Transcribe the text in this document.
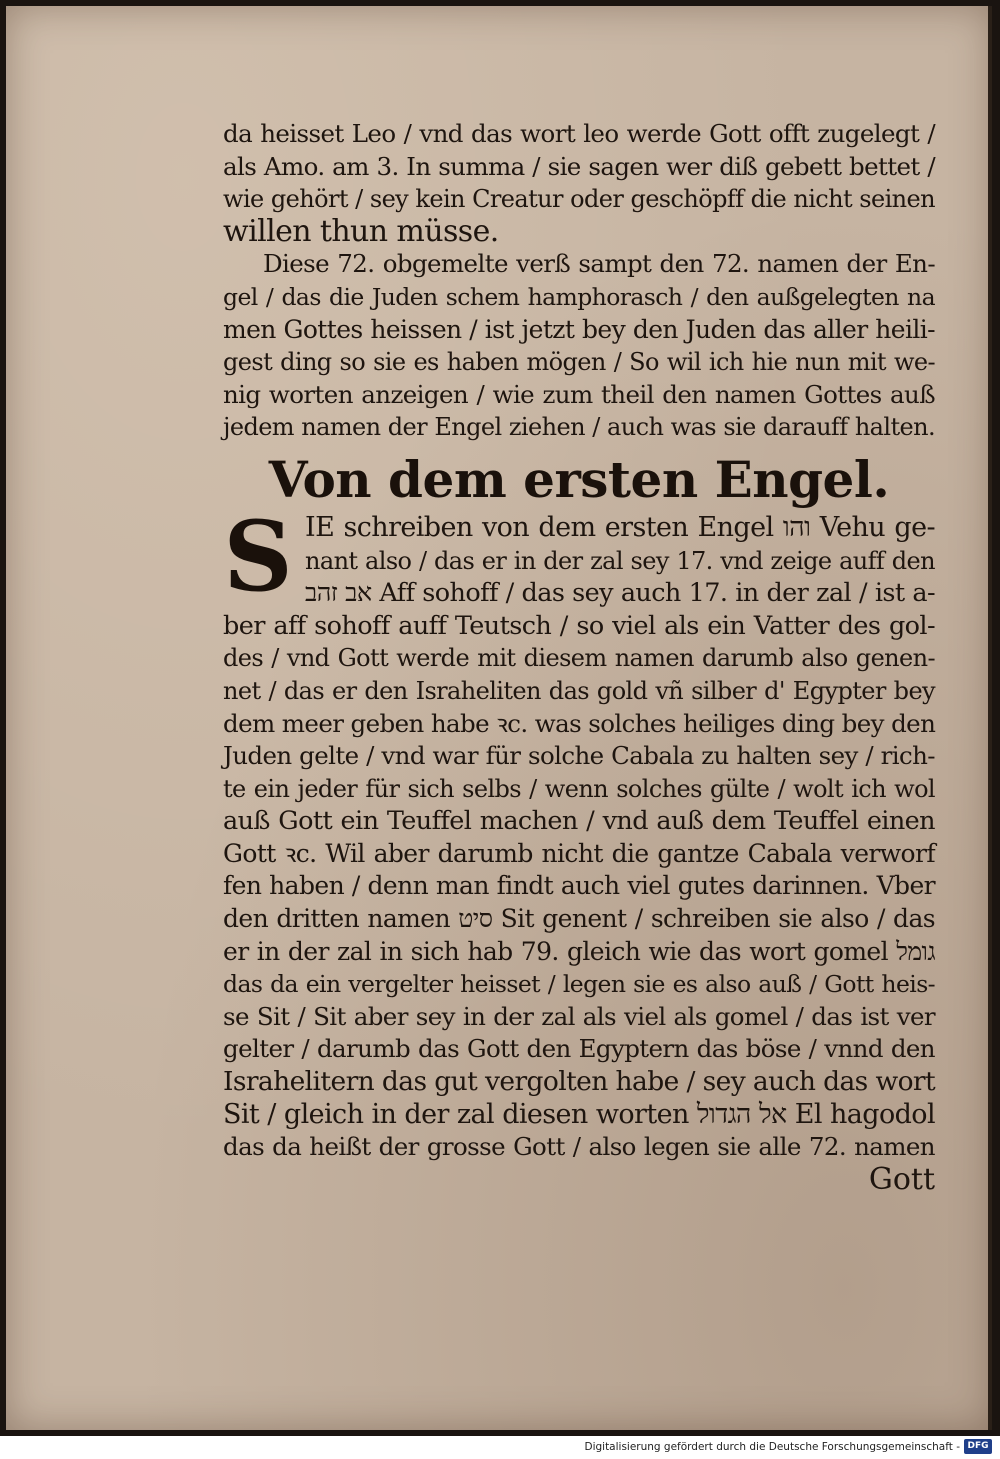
da heisset Leo / vnd das wort leo werde Gott offt zugelegt /
als Amo. am 3. In summa / sie sagen wer diß gebett bettet /
wie gehört / sey kein Creatur oder geschöpff die nicht seinen
willen thun müsse.
Diese 72. obgemelte verß sampt den 72. namen der En-
gel / das die Juden schem hamphorasch / den außgelegten na
men Gottes heissen / ist jetzt bey den Juden das aller heili-
gest ding so sie es haben mögen / So wil ich hie nun mit we-
nig worten anzeigen / wie zum theil den namen Gottes auß
jedem namen der Engel ziehen / auch was sie darauff halten.
Von dem ersten Engel.
S IE schreiben von dem ersten Engel והו Vehu ge-
nant also / das er in der zal sey 17. vnd zeige auff den
אב זהב Aff sohoff / das sey auch 17. in der zal / ist a-
ber aff sohoff auff Teutsch / so viel als ein Vatter des gol-
des / vnd Gott werde mit diesem namen darumb also genen-
net / das er den Israheliten das gold vñ silber d' Egypter bey
dem meer geben habe ꝛc. was solches heiliges ding bey den
Juden gelte / vnd war für solche Cabala zu halten sey / rich-
te ein jeder für sich selbs / wenn solches gülte / wolt ich wol
auß Gott ein Teuffel machen / vnd auß dem Teuffel einen
Gott ꝛc. Wil aber darumb nicht die gantze Cabala verworf
fen haben / denn man findt auch viel gutes darinnen. Vber
den dritten namen סיט Sit genent / schreiben sie also / das
er in der zal in sich hab 79. gleich wie das wort gomel גומל
das da ein vergelter heisset / legen sie es also auß / Gott heis-
se Sit / Sit aber sey in der zal als viel als gomel / das ist ver
gelter / darumb das Gott den Egyptern das böse / vnnd den
Israhelitern das gut vergolten habe / sey auch das wort
Sit / gleich in der zal diesen worten אל הגדול El hagodol
das da heißt der grosse Gott / also legen sie alle 72. namen
Gott
Digitalisierung gefördert durch die Deutsche Forschungsgemeinschaft - DFG
